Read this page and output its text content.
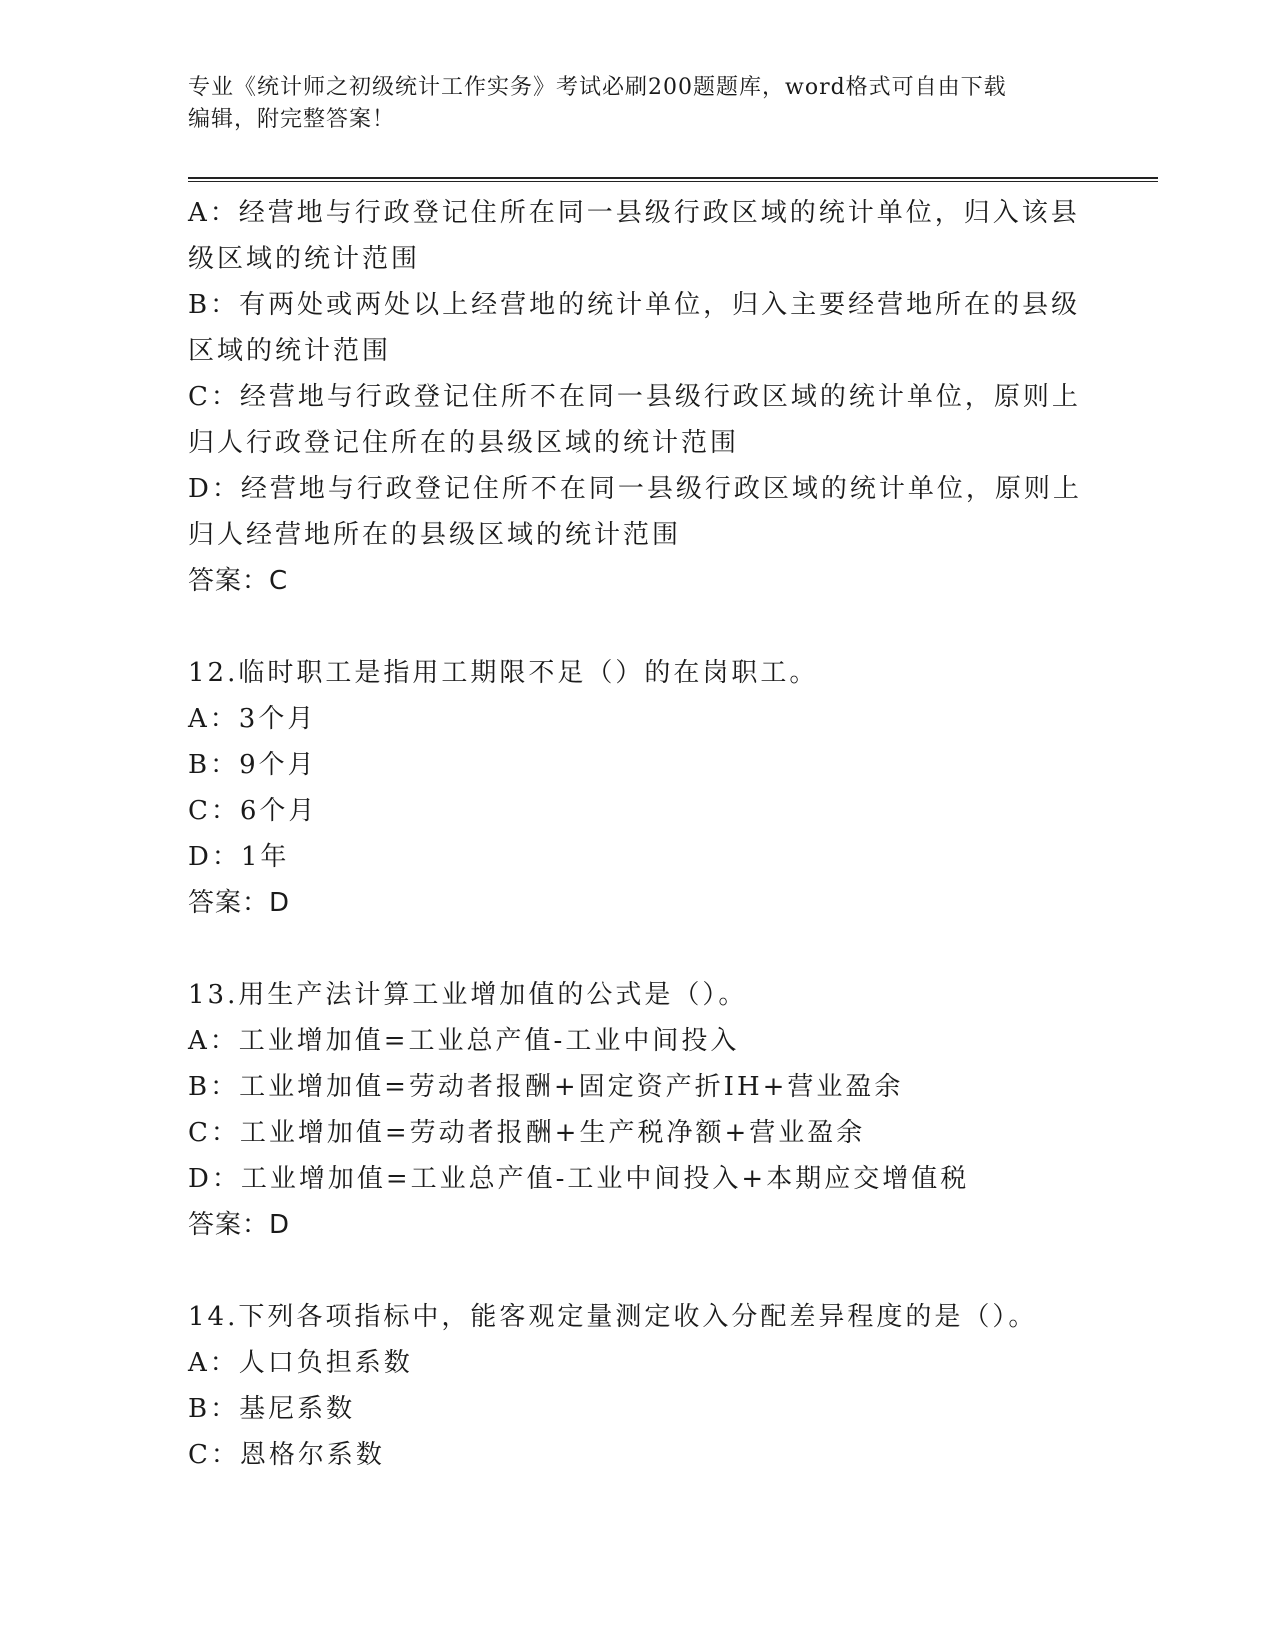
专业《统计师之初级统计工作实务》考试必刷200题题库，word格式可自由下载
编辑，附完整答案！
A：经营地与行政登记住所在同一县级行政区域的统计单位，归入该县
级区域的统计范围
B：有两处或两处以上经营地的统计单位，归入主要经营地所在的县级
区域的统计范围
C：经营地与行政登记住所不在同一县级行政区域的统计单位，原则上
归人行政登记住所在的县级区域的统计范围
D：经营地与行政登记住所不在同一县级行政区域的统计单位，原则上
归人经营地所在的县级区域的统计范围
答案：C
12.临时职工是指用工期限不足（）的在岗职工。
A：3个月
B：9个月
C：6个月
D：1年
答案：D
13.用生产法计算工业增加值的公式是（）。
A：工业增加值=工业总产值-工业中间投入
B：工业增加值=劳动者报酬+固定资产折IH+营业盈余
C：工业增加值=劳动者报酬+生产税净额+营业盈余
D：工业增加值=工业总产值-工业中间投入+本期应交增值税
答案：D
14.下列各项指标中，能客观定量测定收入分配差异程度的是（）。
A：人口负担系数
B：基尼系数
C：恩格尔系数
